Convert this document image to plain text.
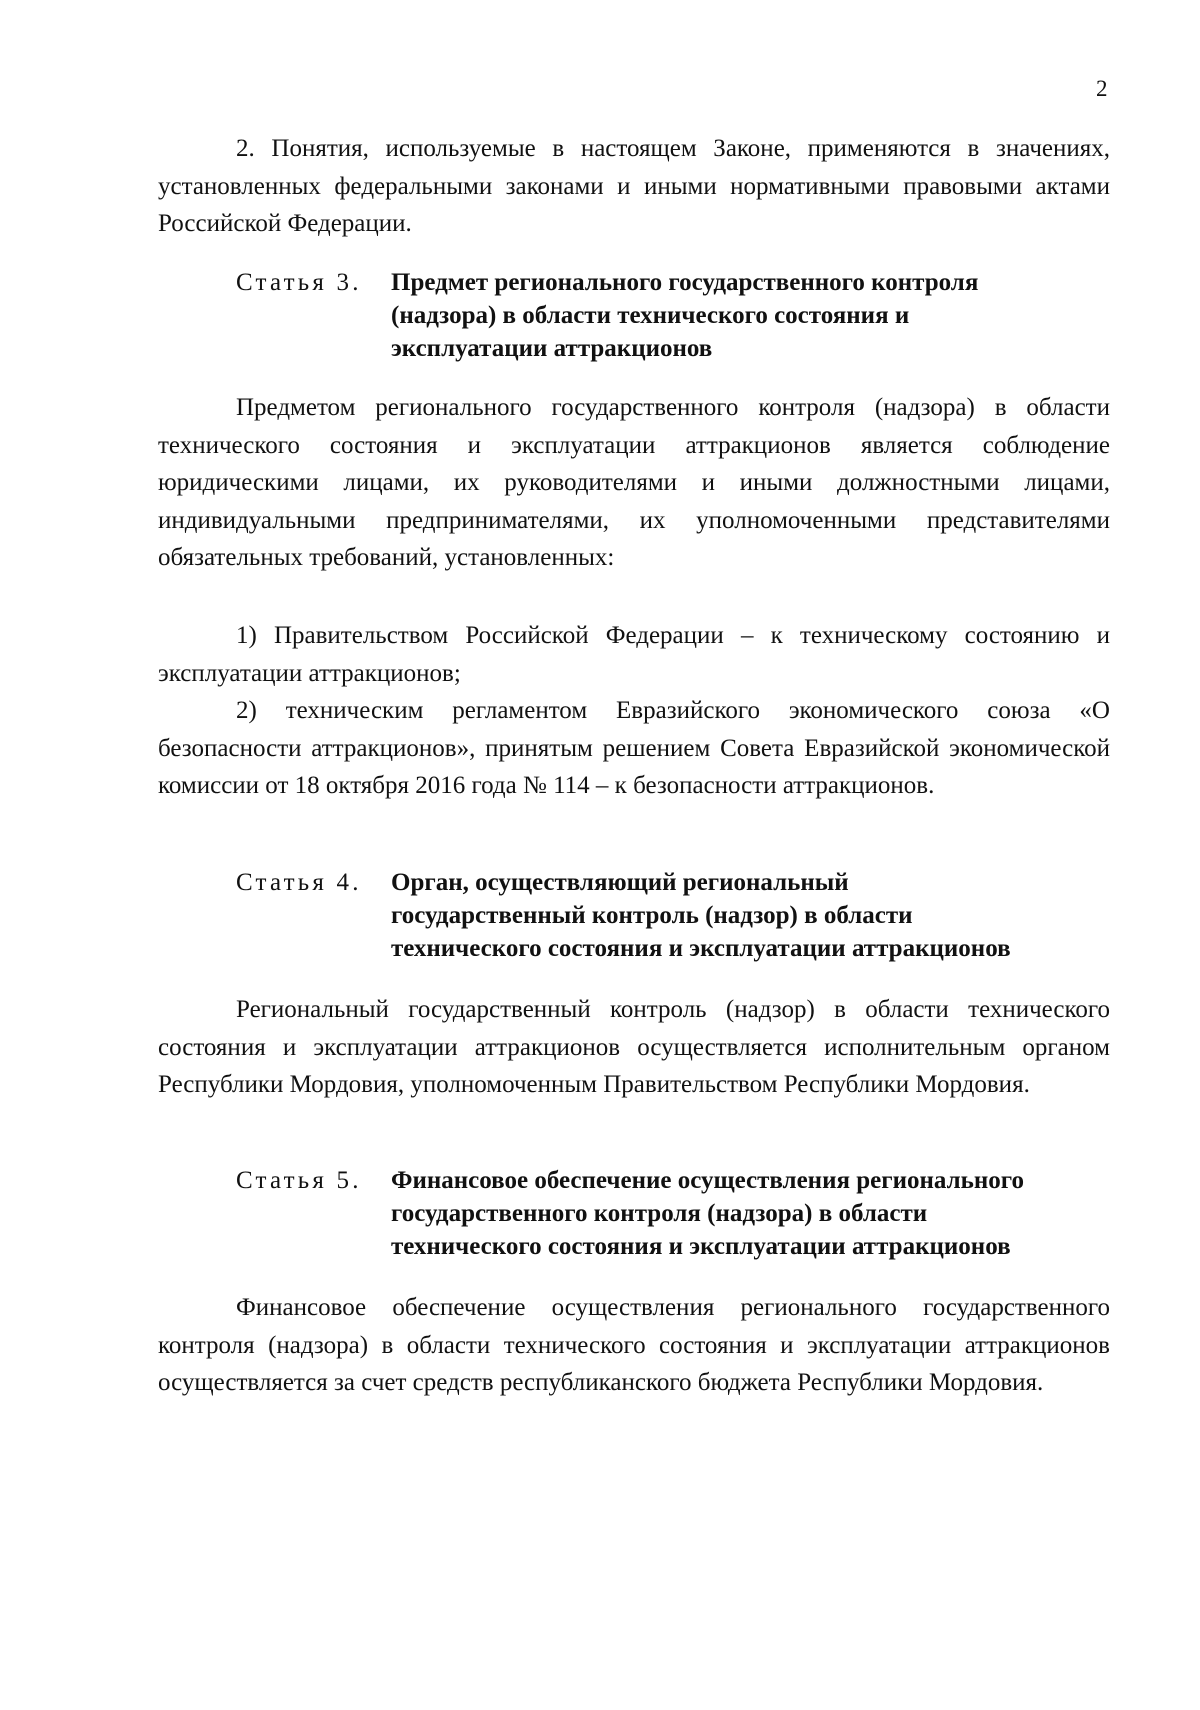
2

2. Понятия, используемые в настоящем Законе, применяются в значениях, установленных федеральными законами и иными нормативными правовыми актами Российской Федерации.

Статья 3. Предмет регионального государственного контроля
(надзора) в области технического состояния и
эксплуатации аттракционов

Предметом регионального государственного контроля (надзора) в области технического состояния и эксплуатации аттракционов является соблюдение юридическими лицами, их руководителями и иными должностными лицами, индивидуальными предпринимателями, их уполномоченными представителями обязательных требований, установленных:

1) Правительством Российской Федерации – к техническому состоянию и эксплуатации аттракционов;

2) техническим регламентом Евразийского экономического союза «О безопасности аттракционов», принятым решением Совета Евразийской экономической комиссии от 18 октября 2016 года № 114 – к безопасности аттракционов.

Статья 4. Орган, осуществляющий региональный
государственный контроль (надзор) в области
технического состояния и эксплуатации аттракционов

Региональный государственный контроль (надзор) в области технического состояния и эксплуатации аттракционов осуществляется исполнительным органом Республики Мордовия, уполномоченным Правительством Республики Мордовия.

Статья 5. Финансовое обеспечение осуществления регионального
государственного контроля (надзора) в области
технического состояния и эксплуатации аттракционов

Финансовое обеспечение осуществления регионального государственного контроля (надзора) в области технического состояния и эксплуатации аттракционов осуществляется за счет средств республиканского бюджета Республики Мордовия.
